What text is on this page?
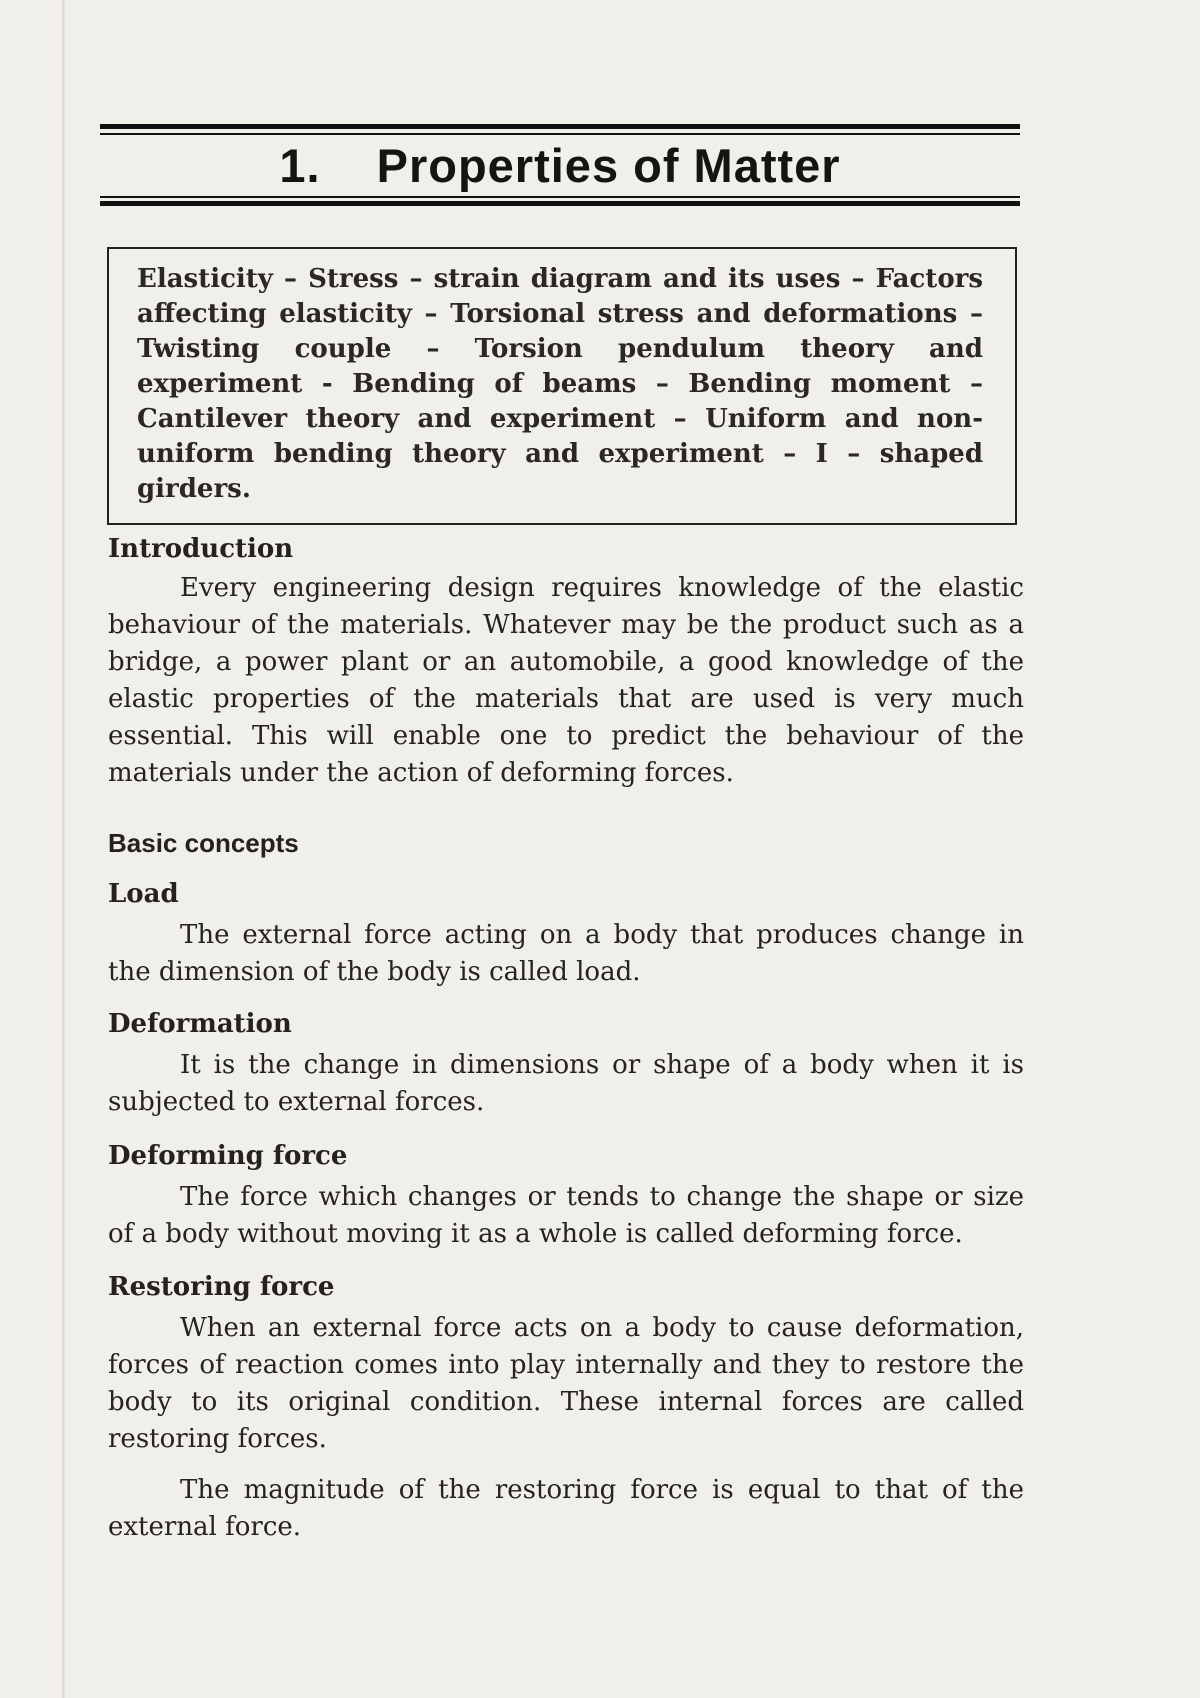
1. Properties of Matter

Elasticity – Stress – strain diagram and its uses – Factors affecting elasticity – Torsional stress and deformations – Twisting couple – Torsion pendulum theory and experiment - Bending of beams – Bending moment – Cantilever theory and experiment – Uniform and non-uniform bending theory and experiment – I – shaped girders.

Introduction

Every engineering design requires knowledge of the elastic behaviour of the materials. Whatever may be the product such as a bridge, a power plant or an automobile, a good knowledge of the elastic properties of the materials that are used is very much essential. This will enable one to predict the behaviour of the materials under the action of deforming forces.

Basic concepts

Load

The external force acting on a body that produces change in the dimension of the body is called load.

Deformation

It is the change in dimensions or shape of a body when it is subjected to external forces.

Deforming force

The force which changes or tends to change the shape or size of a body without moving it as a whole is called deforming force.

Restoring force

When an external force acts on a body to cause deformation, forces of reaction comes into play internally and they to restore the body to its original condition. These internal forces are called restoring forces.

The magnitude of the restoring force is equal to that of the external force.
